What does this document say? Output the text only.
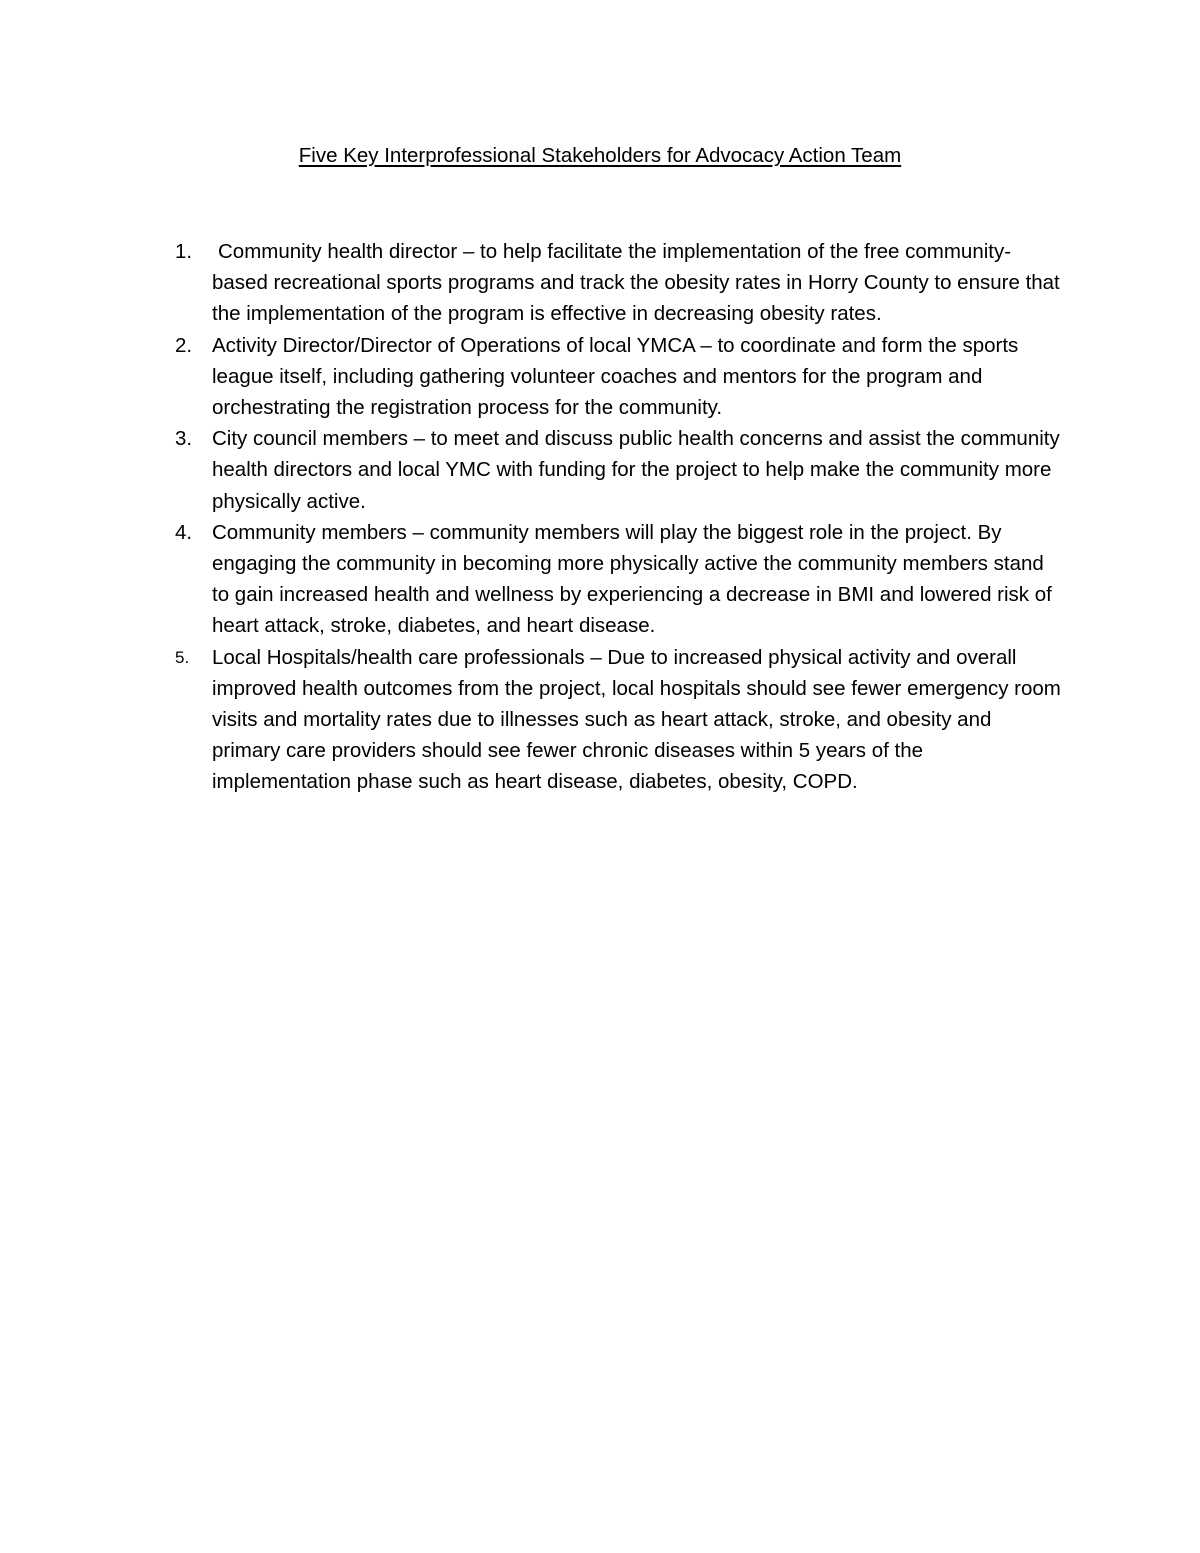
Five Key Interprofessional Stakeholders for Advocacy Action Team
1.	Community health director – to help facilitate the implementation of the free community-based recreational sports programs and track the obesity rates in Horry County to ensure that the implementation of the program is effective in decreasing obesity rates.
2. Activity Director/Director of Operations of local YMCA – to coordinate and form the sports league itself, including gathering volunteer coaches and mentors for the program and orchestrating the registration process for the community.
3. City council members – to meet and discuss public health concerns and assist the community health directors and local YMC with funding for the project to help make the community more physically active.
4. Community members – community members will play the biggest role in the project. By engaging the community in becoming more physically active the community members stand to gain increased health and wellness by experiencing a decrease in BMI and lowered risk of heart attack, stroke, diabetes, and heart disease.
5.	Local Hospitals/health care professionals – Due to increased physical activity and overall improved health outcomes from the project, local hospitals should see fewer emergency room visits and mortality rates due to illnesses such as heart attack, stroke, and obesity and primary care providers should see fewer chronic diseases within 5 years of the implementation phase such as heart disease, diabetes, obesity, COPD.
